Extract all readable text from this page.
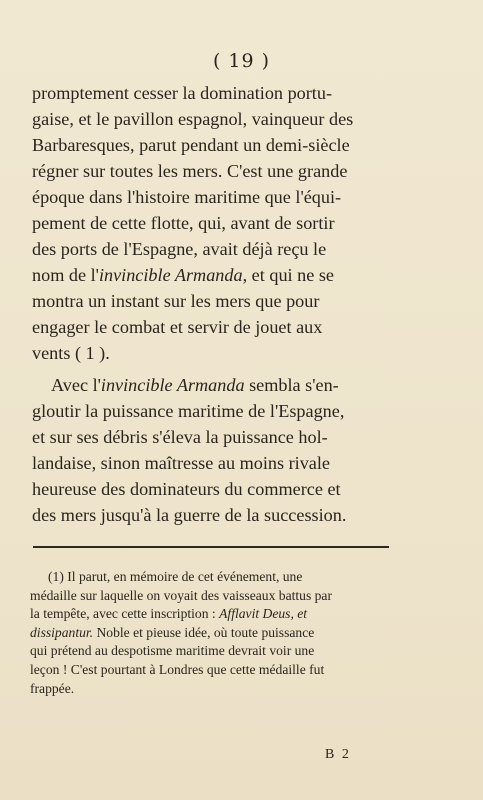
( 19 )
promptement cesser la domination portu-
gaise, et le pavillon espagnol, vainqueur des
Barbaresques, parut pendant un demi-siècle
régner sur toutes les mers. C'est une grande
époque dans l'histoire maritime que l'équi-
pement de cette flotte, qui, avant de sortir
des ports de l'Espagne, avait déjà reçu le
nom de l'invincible Armanda, et qui ne se
montra un instant sur les mers que pour
engager le combat et servir de jouet aux
vents ( 1 ).
Avec l'invincible Armanda sembla s'en-
gloutir la puissance maritime de l'Espagne,
et sur ses débris s'éleva la puissance hol-
landaise, sinon maîtresse au moins rivale
heureuse des dominateurs du commerce et
des mers jusqu'à la guerre de la succession.
(1) Il parut, en mémoire de cet événement, une
médaille sur laquelle on voyait des vaisseaux battus par
la tempête, avec cette inscription : Afflavit Deus, et
dissipantur. Noble et pieuse idée, où toute puissance
qui prétend au despotisme maritime devrait voir une
leçon ! C'est pourtant à Londres que cette médaille fut
frappée.
B 2
